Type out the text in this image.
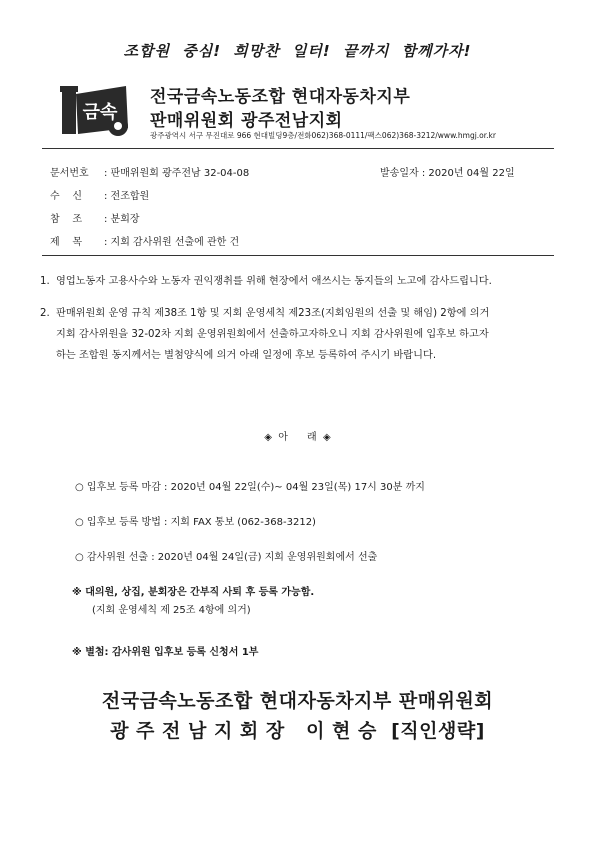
조합원 중심! 희망찬 일터! 끝까지 함께가자!
금속
전국금속노동조합 현대자동차지부
판매위원회 광주전남지회
광주광역시 서구 무진대로 966 현대빌딩9층/전화062)368-0111/팩스062)368-3212/www.hmgj.or.kr
문서번호 : 판매위원회 광주전남 32-04-08	발송일자 : 2020년 04월 22일
수    신 : 전조합원
참    조 : 분회장
제    목 : 지회 감사위원 선출에 관한 건
1. 영업노동자 고용사수와 노동자 권익쟁취를 위해 현장에서 애쓰시는 동지들의 노고에 감사드립니다.
2. 판매위원회 운영 규칙 제38조 1항 및 지회 운영세칙 제23조(지회임원의 선출 및 해임) 2항에 의거
지회 감사위원을 32-02차 지회 운영위원회에서 선출하고자하오니 지회 감사위원에 입후보 하고자
하는 조합원 동지께서는 별첨양식에 의거 아래 일정에 후보 등록하여 주시기 바랍니다.
◈  아      래  ◈
○ 입후보 등록 마감 : 2020년 04월 22일(수)~ 04월 23일(목) 17시 30분 까지
○ 입후보 등록 방법 : 지회 FAX 통보 (062-368-3212)
○ 감사위원 선출 : 2020년 04월 24일(금) 지회 운영위원회에서 선출
※ 대의원, 상집, 분회장은 간부직 사퇴 후 등록 가능함.
(지회 운영세칙 제 25조 4항에 의거)
※ 별첨: 감사위원 입후보 등록 신청서 1부
전국금속노동조합 현대자동차지부 판매위원회
광 주 전 남 지 회 장   이 현 승  [직인생략]
